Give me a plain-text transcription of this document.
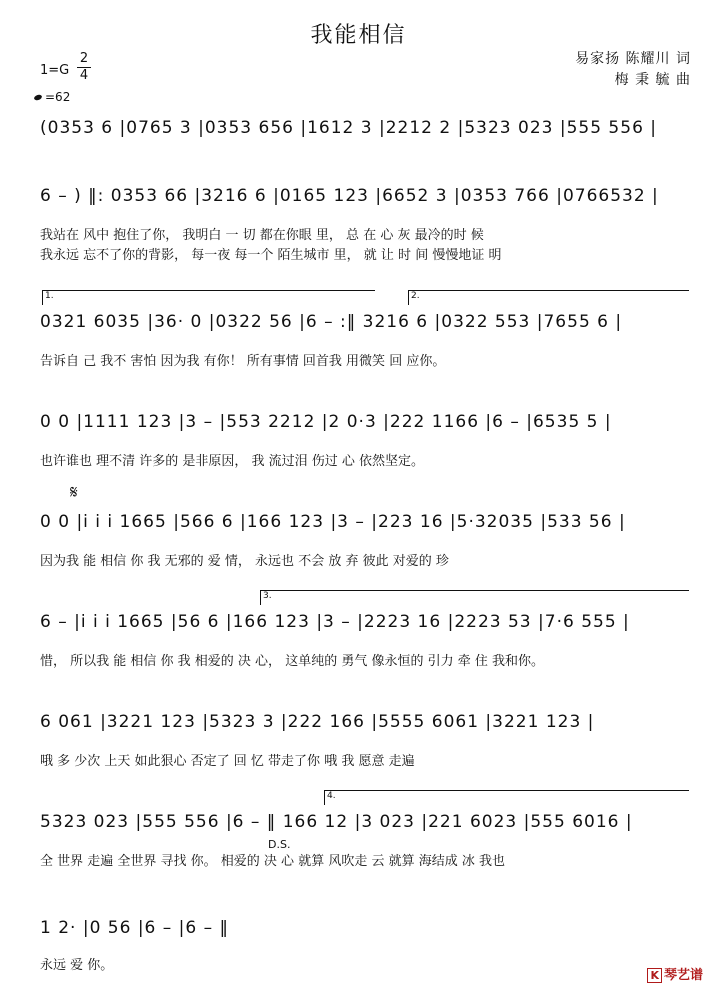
我能相信
1=G
2
4
=62
易家扬 陈耀川 词
梅 秉 毓 曲
(0353 6 |0765 3 |0353 656 |1612 3 |2212 2 |5323 023 |555 556 |
6 – ) ‖: 0353 66 |3216 6 |0165 123 |6652 3 |0353 766 |0766532 |
我站在 风中 抱住了你， 我明白 一 切 都在你眼 里， 总 在 心 灰 最冷的时 候
我永远 忘不了你的背影， 每一夜 每一个 陌生城市 里， 就 让 时 间 慢慢地证 明
1.	2.
0321 6035 |36· 0 |0322 56 |6 – :‖ 3216 6 |0322 553 |7655 6 |
告诉自 己 我不 害怕 因为我 有你！ 所有事情 回首我 用微笑 回 应你。
0 0 |1111 123 |3 – |553 2212 |2 0·3 |222 1166 |6 – |6535 5 |
也许谁也 理不清 许多的 是非原因， 我 流过泪 伤过 心 依然坚定。
𝄋
0 0 |i i i 1665 |566 6 |166 123 |3 – |223 16 |5·32035 |533 56 |
因为我 能 相信 你 我 无邪的 爱 情， 永远也 不会 放 弃 彼此 对爱的 珍
3.
6 – |i i i 1665 |56 6 |166 123 |3 – |2223 16 |2223 53 |7·6 555 |
惜， 所以我 能 相信 你 我 相爱的 决 心， 这单纯的 勇气 像永恒的 引力 牵 住 我和你。
6 061 |3221 123 |5323 3 |222 166 |5555 6061 |3221 123 |
哦 多 少次 上天 如此狠心 否定了 回 忆 带走了你 哦 我 愿意 走遍
4.
5323 023 |555 556 |6 – ‖ 166 12 |3 023 |221 6023 |555 6016 |
D.S.
全 世界 走遍 全世界 寻找 你。 相爱的 决 心 就算 风吹走 云 就算 海结成 冰 我也
1 2· |0 56 |6 – |6 – ‖
永远 爱 你。
K 琴艺谱
